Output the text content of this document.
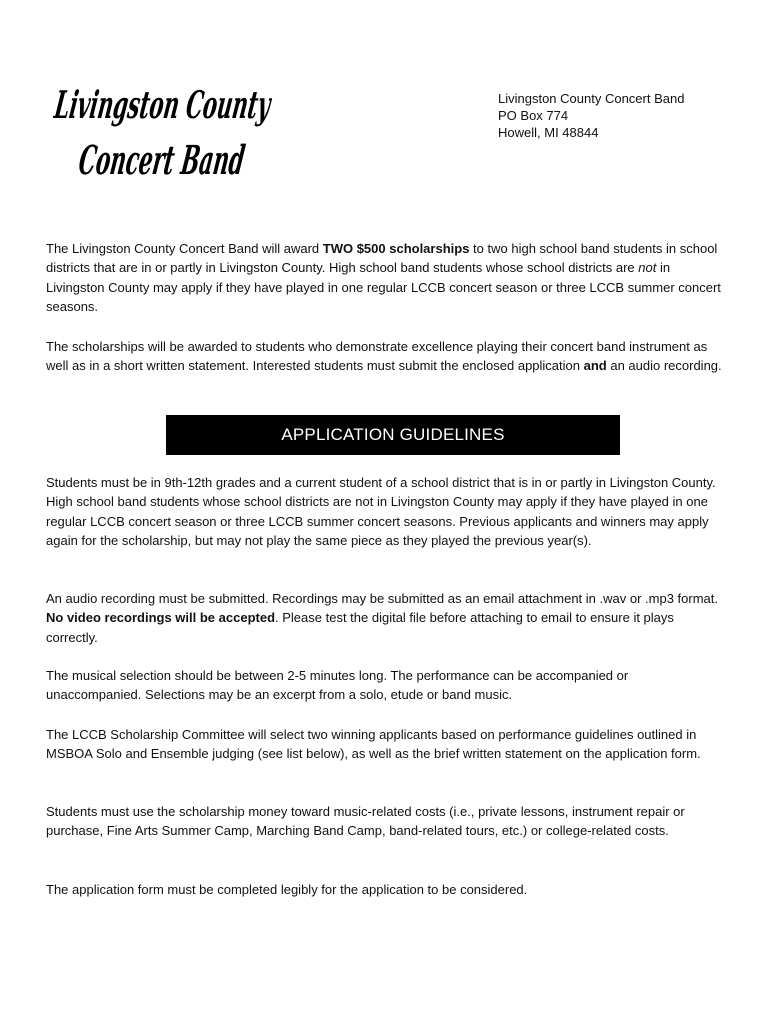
Livingston County
Concert Band
Livingston County Concert Band
PO Box 774
Howell, MI 48844

The Livingston County Concert Band will award TWO $500 scholarships to two high school band students in school districts that are in or partly in Livingston County. High school band students whose school districts are not in Livingston County may apply if they have played in one regular LCCB concert season or three LCCB summer concert seasons.

The scholarships will be awarded to students who demonstrate excellence playing their concert band instrument as well as in a short written statement. Interested students must submit the enclosed application and an audio recording.

APPLICATION GUIDELINES

Students must be in 9th-12th grades and a current student of a school district that is in or partly in Livingston County. High school band students whose school districts are not in Livingston County may apply if they have played in one regular LCCB concert season or three LCCB summer concert seasons. Previous applicants and winners may apply again for the scholarship, but may not play the same piece as they played the previous year(s).

An audio recording must be submitted. Recordings may be submitted as an email attachment in .wav or .mp3 format. No video recordings will be accepted. Please test the digital file before attaching to email to ensure it plays correctly.

The musical selection should be between 2-5 minutes long. The performance can be accompanied or unaccompanied. Selections may be an excerpt from a solo, etude or band music.

The LCCB Scholarship Committee will select two winning applicants based on performance guidelines outlined in MSBOA Solo and Ensemble judging (see list below), as well as the brief written statement on the application form.

Students must use the scholarship money toward music-related costs (i.e., private lessons, instrument repair or purchase, Fine Arts Summer Camp, Marching Band Camp, band-related tours, etc.) or college-related costs.

The application form must be completed legibly for the application to be considered.
